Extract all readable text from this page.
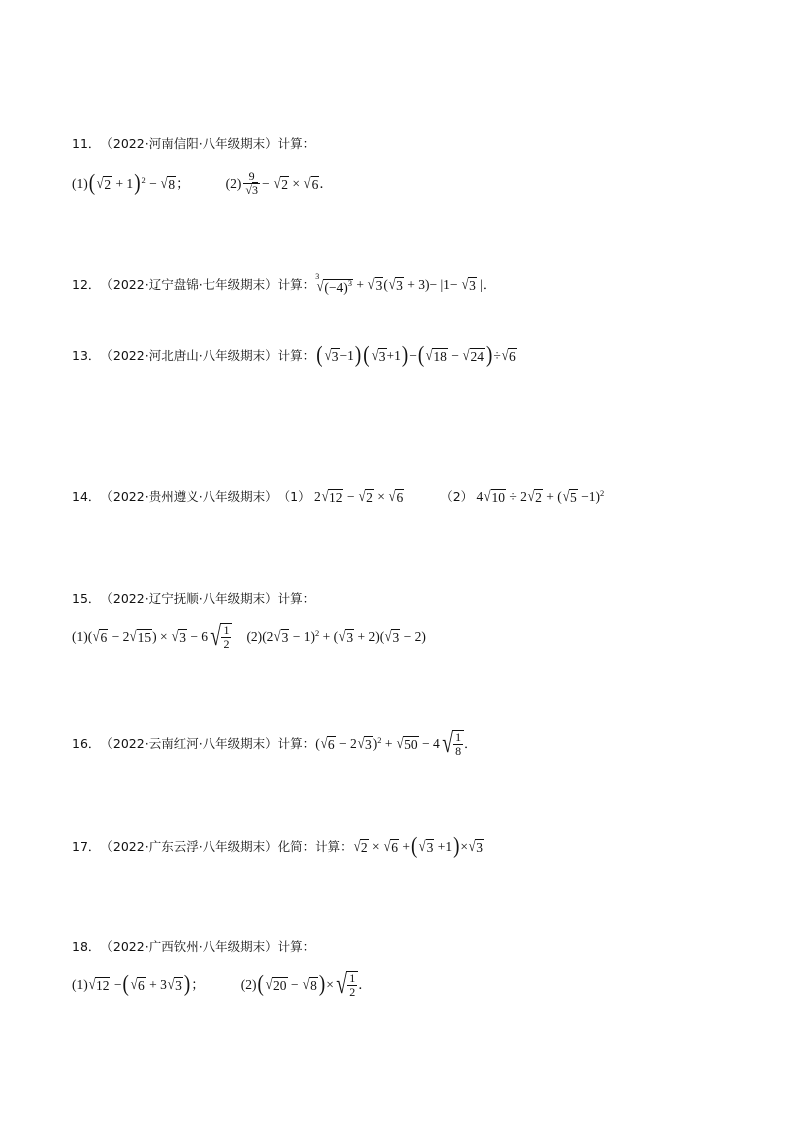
11． （2022·河南信阳·八年级期末） 计算：
(1) ( √ 2 + 1 )$^2$ − √ 8 ；	$(2) \frac{9}{√3}$ − √ 2 × √ 6 ．
12． （2022·辽宁盘锦·七年级期末） 计算：
3
√ $(-4)^3$ + √ 3 ( √ 3 + 3)− |1− √ 3 | ．
13． （2022·河北唐山·八年级期末） 计算： ( √ 3 −1 ) ( √ 3 +1 ) − ( √ 18 − √ 24 ) ÷ √ 6
14． （2022·贵州遵义·八年级期末） （1） 2 √ 12 − √ 2 × √ 6	（2） 4 √ 10 ÷ 2 √ 2 + ( √ 5 −1)$^2$
15． （2022·辽宁抚顺·八年级期末） 计算：
(1) ( √ 6 − 2 √ 15 ) × √ 3 − 6 √ $\frac{1}{2} (2)$ (2 √ 3 − 1)$^2$ + ( √ 3 + 2)( √ 3 − 2)
16． （2022·云南红河·八年级期末） 计算： ( √ 6 − 2 √ 3 )$^2$ + √ 50 − 4 √ $\frac{1}{8}$ ．
17． （2022·广东云浮·八年级期末） 化简：计算： √ 2 × √ 6 + ( √ 3 +1 ) × √ 3
18． （2022·广西钦州·八年级期末） 计算：
(1) √ 12 − ( √ 6 + 3 √ 3 ) ；	(2) ( √ 20 − √ 8 ) × √ $\frac{1}{2}$ ．
